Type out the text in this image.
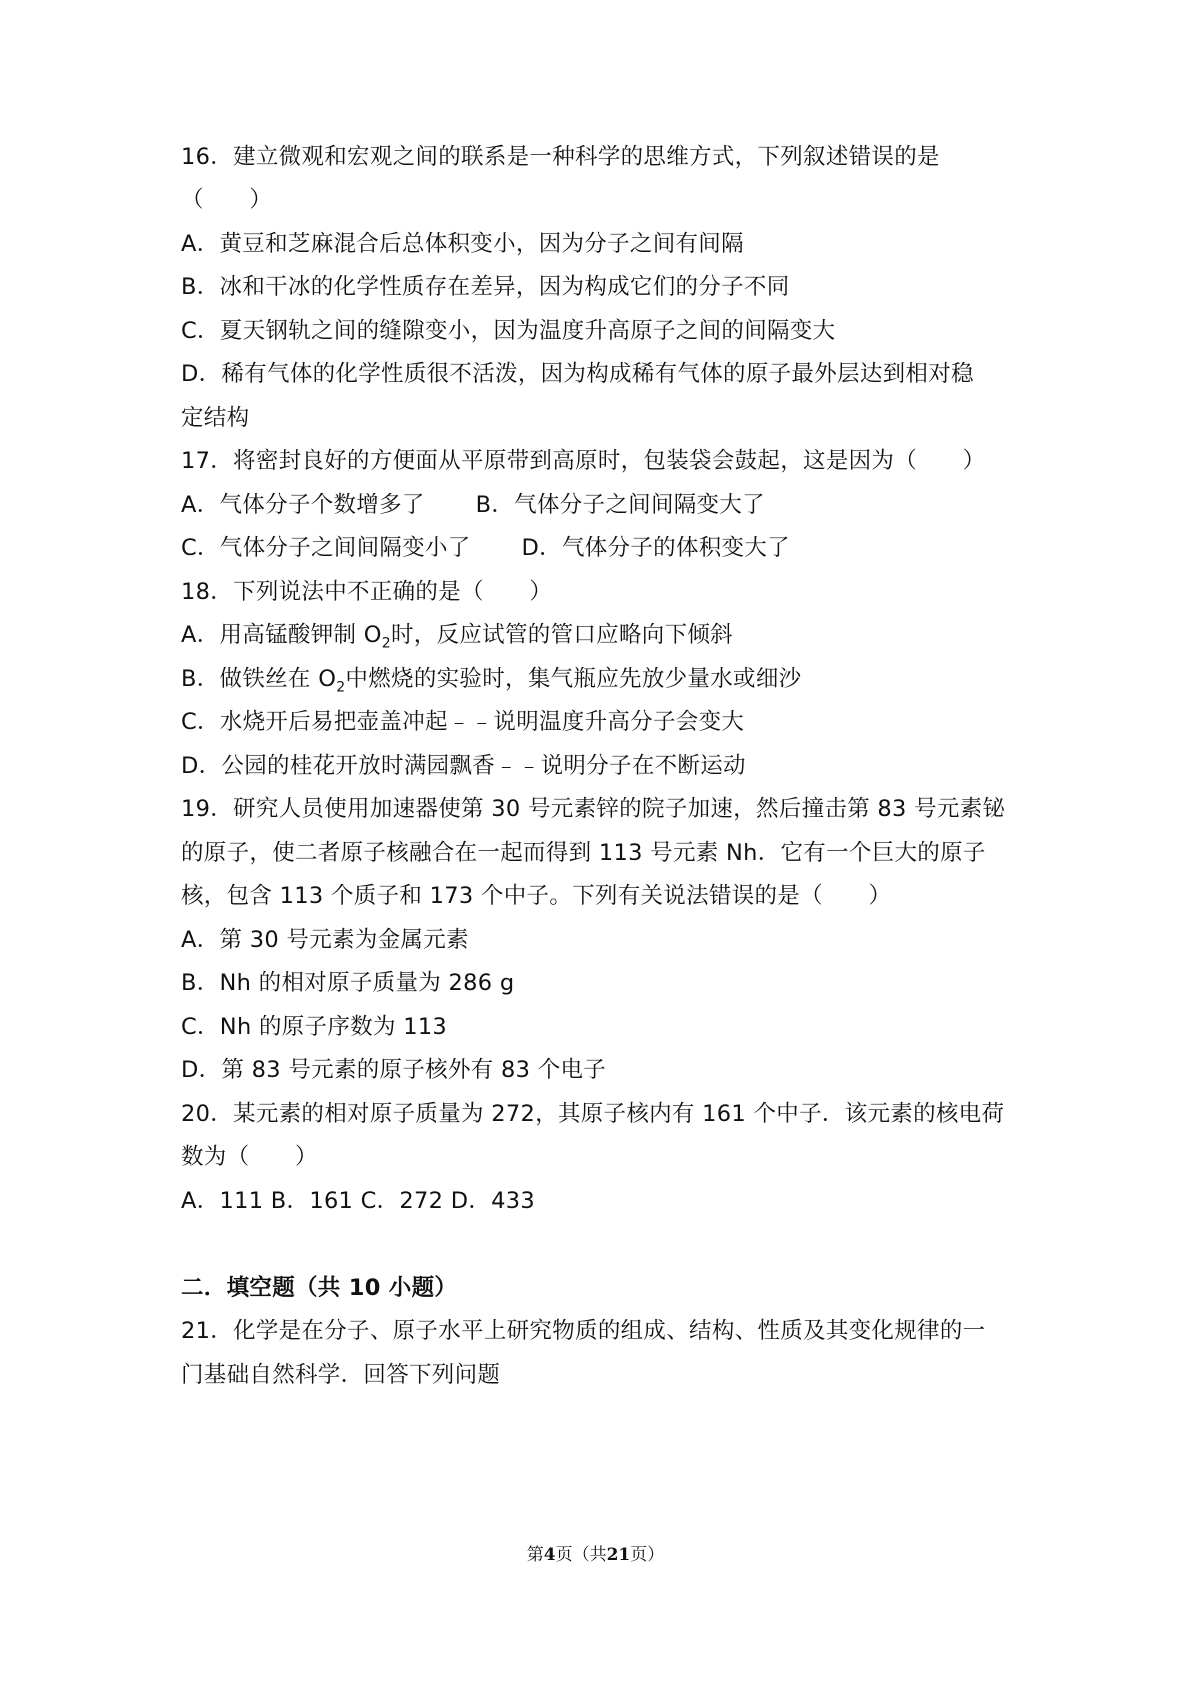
16．建立微观和宏观之间的联系是一种科学的思维方式，下列叙述错误的是
（　　）
A．黄豆和芝麻混合后总体积变小，因为分子之间有间隔
B．冰和干冰的化学性质存在差异，因为构成它们的分子不同
C．夏天钢轨之间的缝隙变小，因为温度升高原子之间的间隔变大
D．稀有气体的化学性质很不活泼，因为构成稀有气体的原子最外层达到相对稳
定结构
17．将密封良好的方便面从平原带到高原时，包装袋会鼓起，这是因为（　　）
A．气体分子个数增多了 B．气体分子之间间隔变大了
C．气体分子之间间隔变小了 D．气体分子的体积变大了
18．下列说法中不正确的是（　　）
A．用高锰酸钾制 $O_2$时，反应试管的管口应略向下倾斜
B．做铁丝在 $O_2$中燃烧的实验时，集气瓶应先放少量水或细沙
C．水烧开后易把壶盖冲起﹣﹣说明温度升高分子会变大
D．公园的桂花开放时满园飘香﹣﹣说明分子在不断运动
19．研究人员使用加速器使第 30 号元素锌的院子加速，然后撞击第 83 号元素铋
的原子，使二者原子核融合在一起而得到 113 号元素 Nh．它有一个巨大的原子
核，包含 113 个质子和 173 个中子。下列有关说法错误的是（　　）
A．第 30 号元素为金属元素
B．Nh 的相对原子质量为 286 g
C．Nh 的原子序数为 113
D．第 83 号元素的原子核外有 83 个电子
20．某元素的相对原子质量为 272，其原子核内有 161 个中子．该元素的核电荷
数为（　　）
A．111 B．161 C．272 D．433
二．填空题（共 10 小题）
21．化学是在分子、原子水平上研究物质的组成、结构、性质及其变化规律的一
门基础自然科学．回答下列问题
第4页（共21页）
